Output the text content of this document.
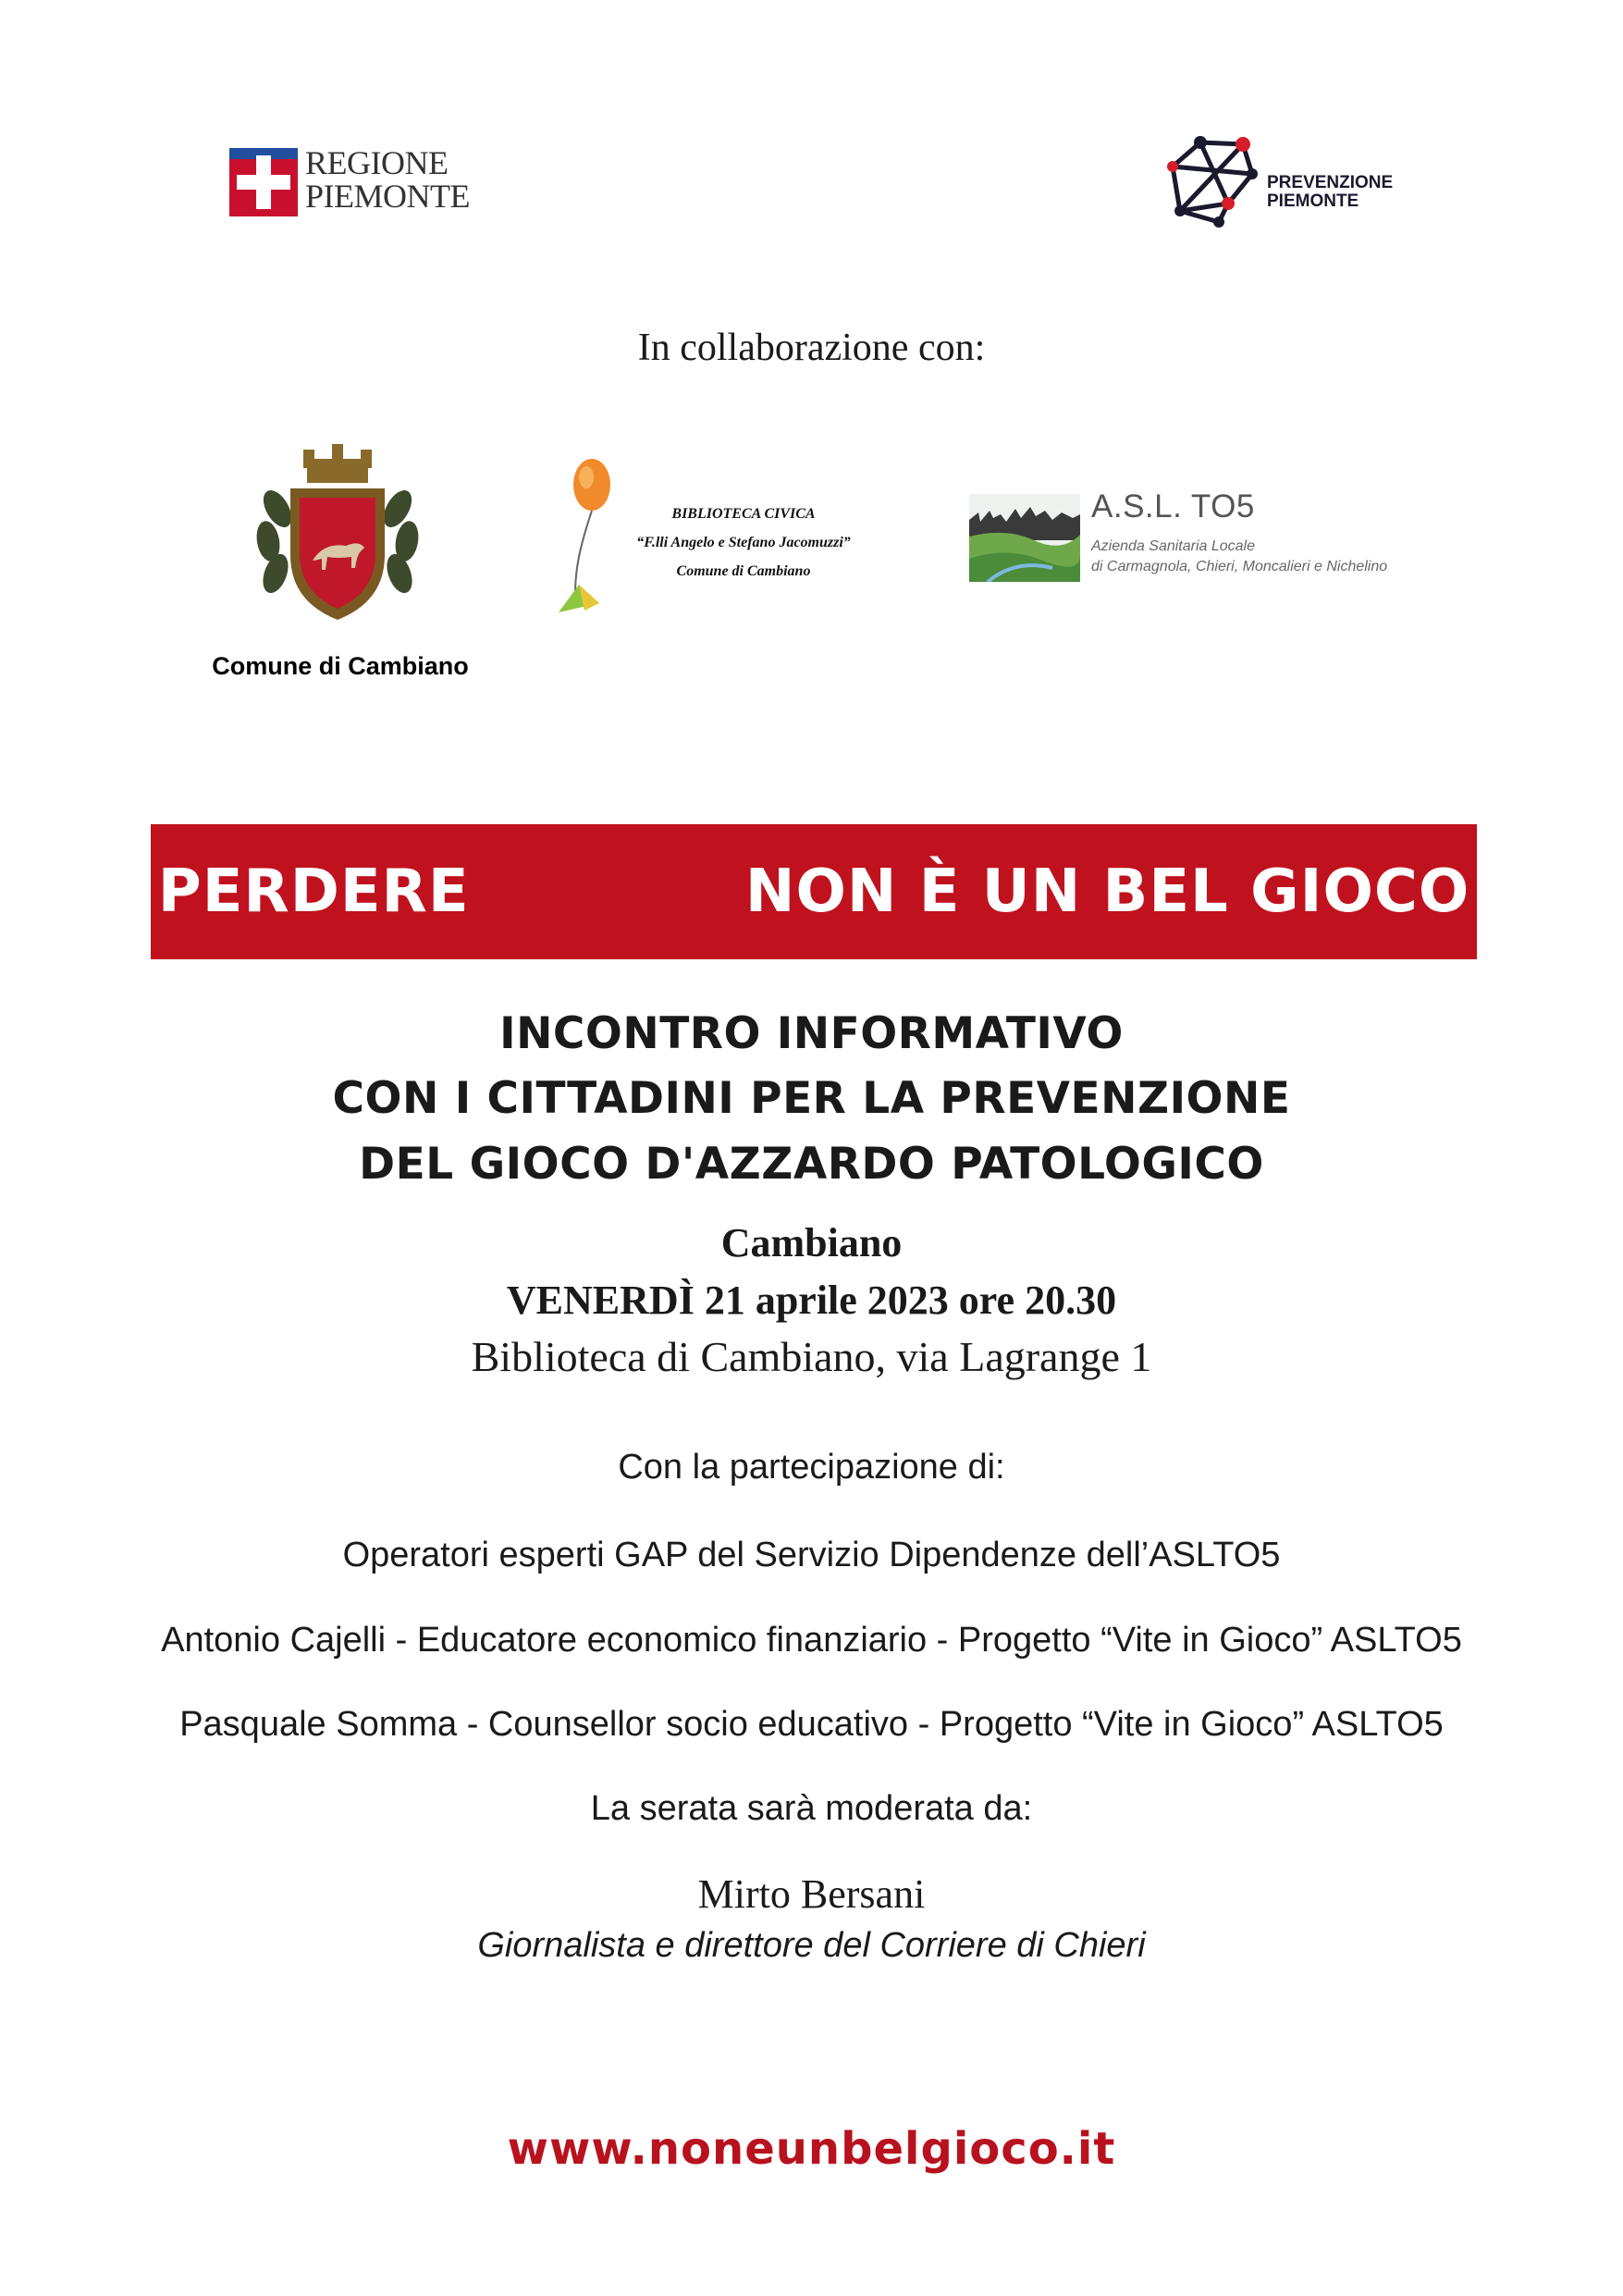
REGIONE
PIEMONTE	PREVENZIONE
PIEMONTE
In collaborazione con:
Comune di Cambiano
BIBLIOTECA CIVICA
“F.lli Angelo e Stefano Jacomuzzi”
Comune di Cambiano
A.S.L. TO5
Azienda Sanitaria Locale
di Carmagnola, Chieri, Moncalieri e Nichelino
PERDERE TUTTO NON È UN BEL GIOCO
INCONTRO INFORMATIVO
CON I CITTADINI PER LA PREVENZIONE
DEL GIOCO D'AZZARDO PATOLOGICO
Cambiano
VENERDÌ 21 aprile 2023 ore 20.30
Biblioteca di Cambiano, via Lagrange 1
Con la partecipazione di:
Operatori esperti GAP del Servizio Dipendenze dell’ASLTO5
Antonio Cajelli - Educatore economico finanziario - Progetto “Vite in Gioco” ASLTO5
Pasquale Somma - Counsellor socio educativo - Progetto “Vite in Gioco” ASLTO5
La serata sarà moderata da:
Mirto Bersani
Giornalista e direttore del Corriere di Chieri
www.noneunbelgioco.it
